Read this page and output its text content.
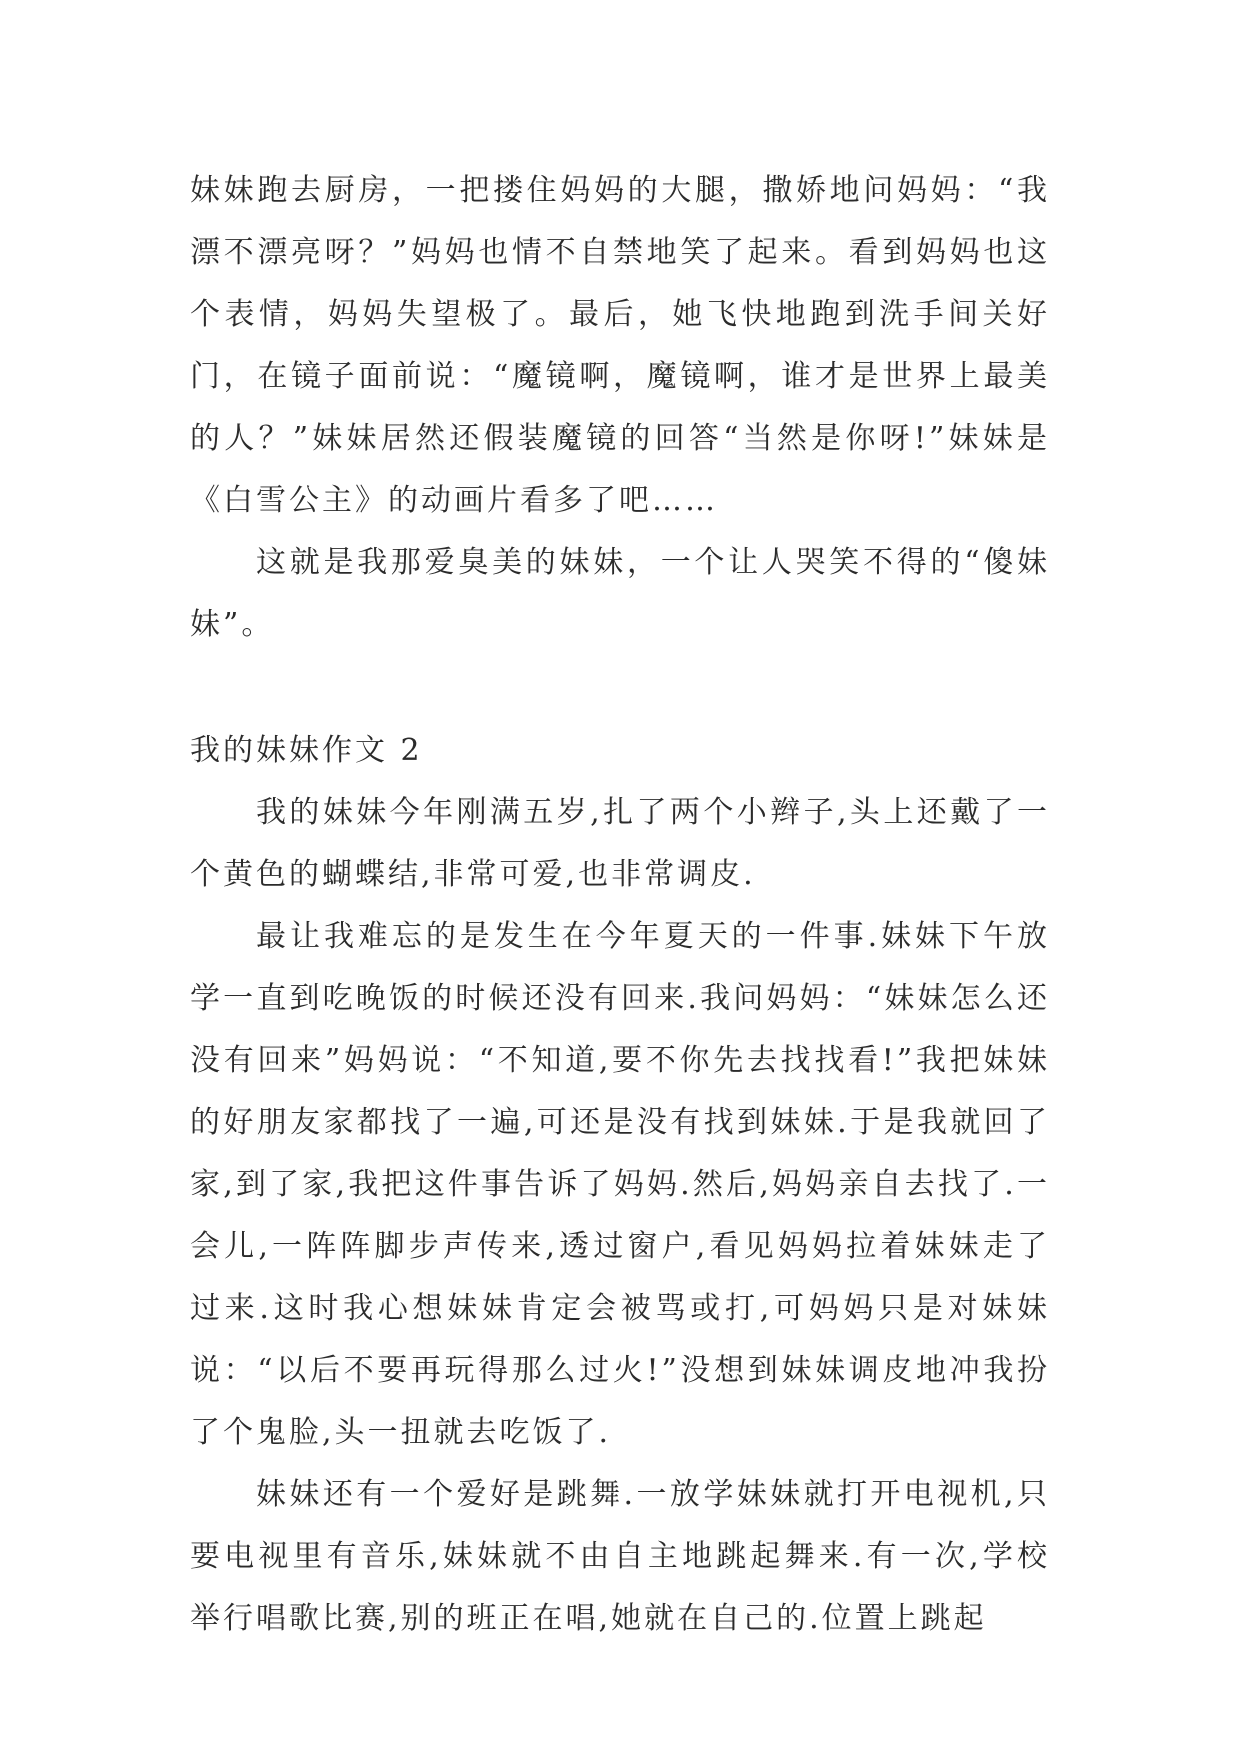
妹妹跑去厨房，一把搂住妈妈的大腿，撒娇地问妈妈：“我漂不漂亮呀？”妈妈也情不自禁地笑了起来。看到妈妈也这个表情，妈妈失望极了。最后，她飞快地跑到洗手间关好门，在镜子面前说：“魔镜啊，魔镜啊，谁才是世界上最美的人？”妹妹居然还假装魔镜的回答“当然是你呀!”妹妹是《白雪公主》的动画片看多了吧……

这就是我那爱臭美的妹妹，一个让人哭笑不得的“傻妹妹”。

我的妹妹作文 2

我的妹妹今年刚满五岁,扎了两个小辫子,头上还戴了一个黄色的蝴蝶结,非常可爱,也非常调皮.

最让我难忘的是发生在今年夏天的一件事.妹妹下午放学一直到吃晚饭的时候还没有回来.我问妈妈：“妹妹怎么还没有回来”妈妈说：“不知道,要不你先去找找看!”我把妹妹的好朋友家都找了一遍,可还是没有找到妹妹.于是我就回了家,到了家,我把这件事告诉了妈妈.然后,妈妈亲自去找了.一会儿,一阵阵脚步声传来,透过窗户,看见妈妈拉着妹妹走了过来.这时我心想妹妹肯定会被骂或打,可妈妈只是对妹妹说：“以后不要再玩得那么过火!”没想到妹妹调皮地冲我扮了个鬼脸,头一扭就去吃饭了.

妹妹还有一个爱好是跳舞.一放学妹妹就打开电视机,只要电视里有音乐,妹妹就不由自主地跳起舞来.有一次,学校举行唱歌比赛,别的班正在唱,她就在自己的.位置上跳起
